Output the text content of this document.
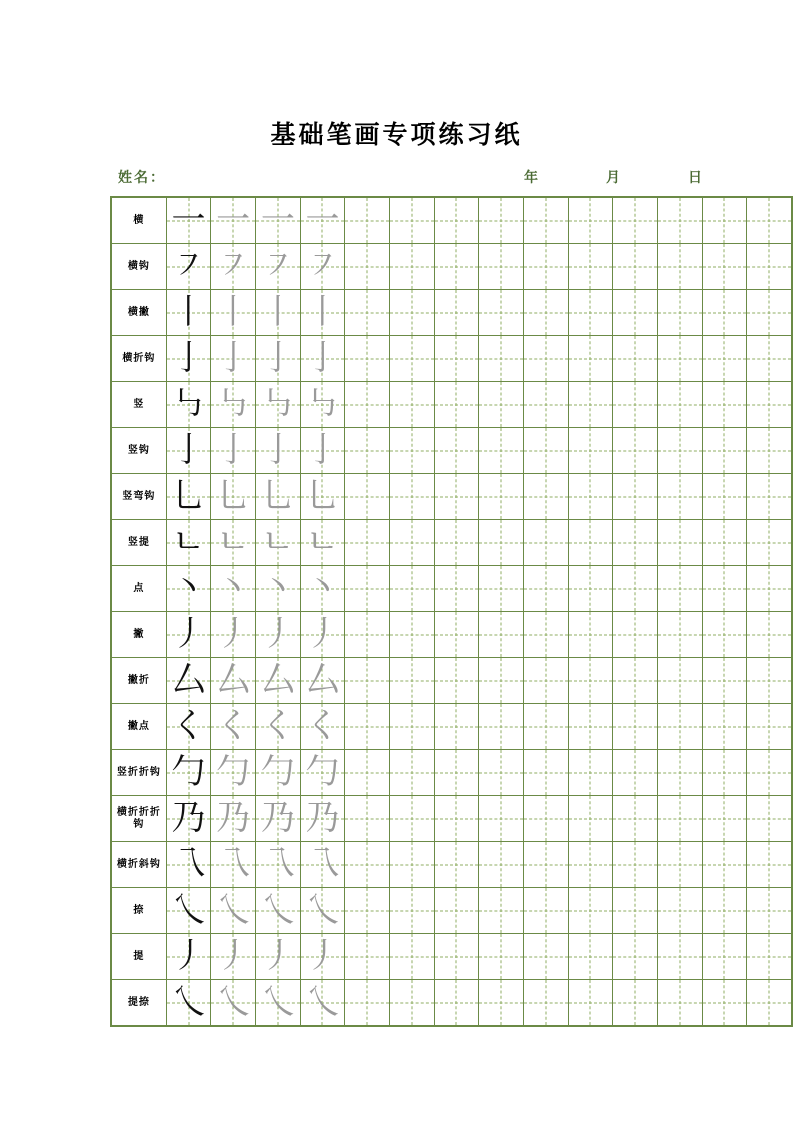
基础笔画专项练习纸
姓名：	年	月	日
横	一	一	一	一										

横钩	㇇	㇇	㇇	㇇										

横撇	丨	丨	丨	丨										

横折钩	亅	亅	亅	亅										

竖	㇉	㇉	㇉	㇉										

竖钩	亅	亅	亅	亅										

竖弯钩	乚	乚	乚	乚										

竖提	ㄴ	ㄴ	ㄴ	ㄴ										

点	丶	丶	丶	丶										

撇	丿	丿	丿	丿										

撇折	厶	厶	厶	厶										

撇点	く	く	く	く										

竖折折钩	勹	勹	勹	勹										

横折折折钩	乃	乃	乃	乃										

横折斜钩	乁	乁	乁	乁										

捺	乀	乀	乀	乀										

提	丿	丿	丿	丿										

提捺	乀	乀	乀	乀										
